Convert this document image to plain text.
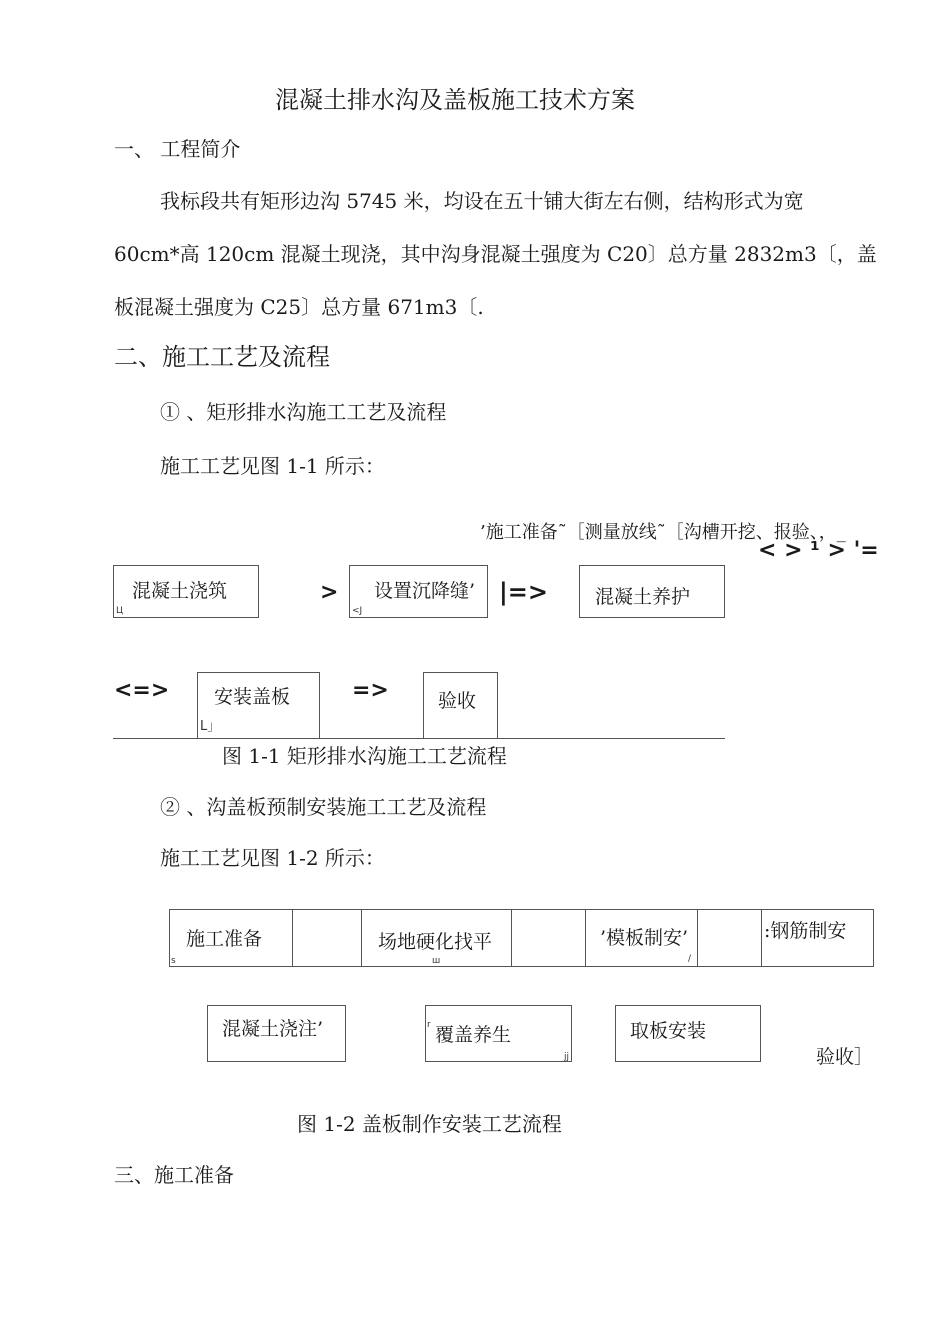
混凝土排水沟及盖板施工技术方案
一、 工程简介
我标段共有矩形边沟 5745 米，均设在五十铺大街左右侧，结构形式为宽
60cm*高 120cm 混凝土现浇，其中沟身混凝土强度为 C20〕总方量 2832m3〔，盖
板混凝土强度为 C25〕总方量 671m3〔.
二、施工工艺及流程
① 、矩形排水沟施工工艺及流程
施工工艺见图 1-1 所示：
’施工准备˜［测量放线˜［沟槽开挖、报验、，_
< > ¹ > '=
混凝土浇筑
Ц
> 设置沉降缝’
<J
|=> 混凝土养护
<=> 安装盖板
L」
=>	验收
图 1-1 矩形排水沟施工工艺流程
② 、沟盖板预制安装施工工艺及流程
施工工艺见图 1-2 所示：
施工准备
s
场地硬化找平
ш
’模板制安’
/
:钢筋制安
混凝土浇注’	r 覆盖养生
jj
取板安装
验收］
图 1-2 盖板制作安装工艺流程
三、施工准备
